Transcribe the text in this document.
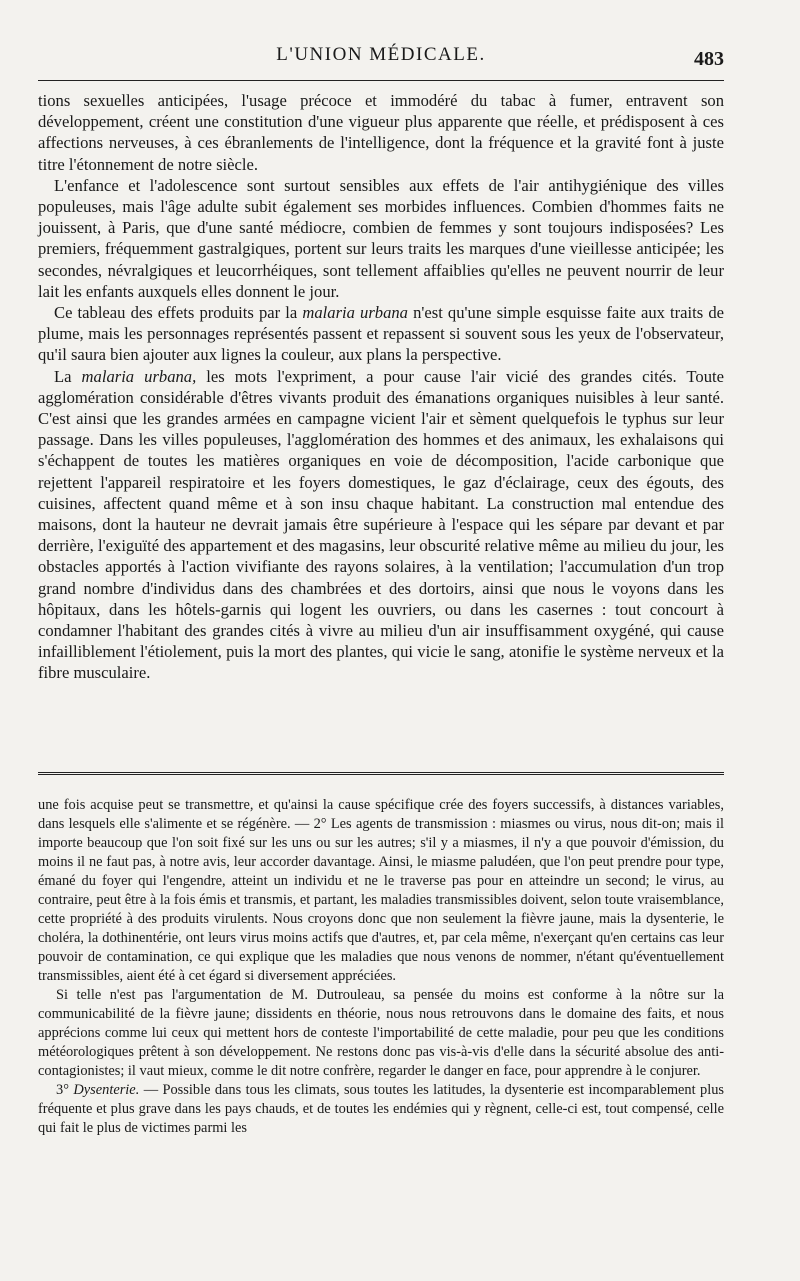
L'UNION MÉDICALE.	483

tions sexuelles anticipées, l'usage précoce et immodéré du tabac à fumer, entravent son développement, créent une constitution d'une vigueur plus apparente que réelle, et prédisposent à ces affections nerveuses, à ces ébranlements de l'intelligence, dont la fréquence et la gravité font à juste titre l'étonnement de notre siècle.

L'enfance et l'adolescence sont surtout sensibles aux effets de l'air antihygiénique des villes populeuses, mais l'âge adulte subit également ses morbides influences. Combien d'hommes faits ne jouissent, à Paris, que d'une santé médiocre, combien de femmes y sont toujours indisposées? Les premiers, fréquemment gastralgiques, portent sur leurs traits les marques d'une vieillesse anticipée; les secondes, névralgiques et leucorrhéiques, sont tellement affaiblies qu'elles ne peuvent nourrir de leur lait les enfants auxquels elles donnent le jour.

Ce tableau des effets produits par la malaria urbana n'est qu'une simple esquisse faite aux traits de plume, mais les personnages représentés passent et repassent si souvent sous les yeux de l'observateur, qu'il saura bien ajouter aux lignes la couleur, aux plans la perspective.

La malaria urbana, les mots l'expriment, a pour cause l'air vicié des grandes cités. Toute agglomération considérable d'êtres vivants produit des émanations organiques nuisibles à leur santé. C'est ainsi que les grandes armées en campagne vicient l'air et sèment quelquefois le typhus sur leur passage. Dans les villes populeuses, l'agglomération des hommes et des animaux, les exhalaisons qui s'échappent de toutes les matières organiques en voie de décomposition, l'acide carbonique que rejettent l'appareil respiratoire et les foyers domestiques, le gaz d'éclairage, ceux des égouts, des cuisines, affectent quand même et à son insu chaque habitant. La construction mal entendue des maisons, dont la hauteur ne devrait jamais être supérieure à l'espace qui les sépare par devant et par derrière, l'exiguïté des appartement et des magasins, leur obscurité relative même au milieu du jour, les obstacles apportés à l'action vivifiante des rayons solaires, à la ventilation; l'accumulation d'un trop grand nombre d'individus dans des chambrées et des dortoirs, ainsi que nous le voyons dans les hôpitaux, dans les hôtels-garnis qui logent les ouvriers, ou dans les casernes : tout concourt à condamner l'habitant des grandes cités à vivre au milieu d'un air insuffisamment oxygéné, qui cause infailliblement l'étiolement, puis la mort des plantes, qui vicie le sang, atonifie le système nerveux et la fibre musculaire.

une fois acquise peut se transmettre, et qu'ainsi la cause spécifique crée des foyers successifs, à distances variables, dans lesquels elle s'alimente et se régénère. — 2° Les agents de transmission : miasmes ou virus, nous dit-on; mais il importe beaucoup que l'on soit fixé sur les uns ou sur les autres; s'il y a miasmes, il n'y a que pouvoir d'émission, du moins il ne faut pas, à notre avis, leur accorder davantage. Ainsi, le miasme paludéen, que l'on peut prendre pour type, émané du foyer qui l'engendre, atteint un individu et ne le traverse pas pour en atteindre un second; le virus, au contraire, peut être à la fois émis et transmis, et partant, les maladies transmissibles doivent, selon toute vraisemblance, cette propriété à des produits virulents. Nous croyons donc que non seulement la fièvre jaune, mais la dysenterie, le choléra, la dothinentérie, ont leurs virus moins actifs que d'autres, et, par cela même, n'exerçant qu'en certains cas leur pouvoir de contamination, ce qui explique que les maladies que nous venons de nommer, n'étant qu'éventuellement transmissibles, aient été à cet égard si diversement appréciées.

Si telle n'est pas l'argumentation de M. Dutrouleau, sa pensée du moins est conforme à la nôtre sur la communicabilité de la fièvre jaune; dissidents en théorie, nous nous retrouvons dans le domaine des faits, et nous apprécions comme lui ceux qui mettent hors de conteste l'importabilité de cette maladie, pour peu que les conditions météorologiques prêtent à son développement. Ne restons donc pas vis-à-vis d'elle dans la sécurité absolue des anti-contagionistes; il vaut mieux, comme le dit notre confrère, regarder le danger en face, pour apprendre à le conjurer.

3° Dysenterie. — Possible dans tous les climats, sous toutes les latitudes, la dysenterie est incomparablement plus fréquente et plus grave dans les pays chauds, et de toutes les endémies qui y règnent, celle-ci est, tout compensé, celle qui fait le plus de victimes parmi les
